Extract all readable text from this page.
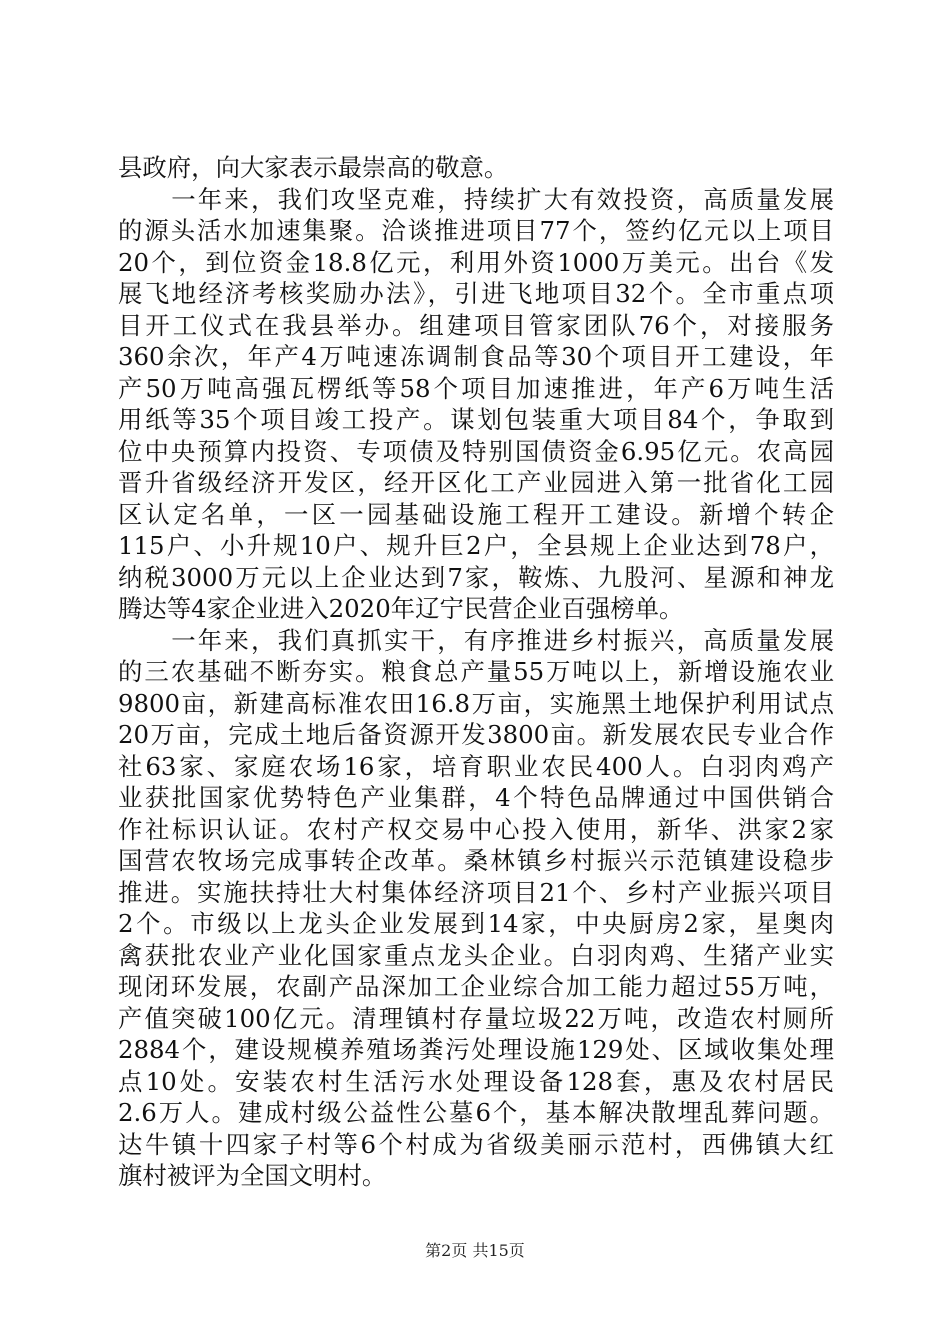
县政府，向大家表示最崇高的敬意。
　　一年来，我们攻坚克难，持续扩大有效投资，高质量发展
的源头活水加速集聚。洽谈推进项目77个，签约亿元以上项目
20个，到位资金18.8亿元，利用外资1000万美元。出台《发
展飞地经济考核奖励办法》，引进飞地项目32个。全市重点项
目开工仪式在我县举办。组建项目管家团队76个，对接服务
360余次，年产4万吨速冻调制食品等30个项目开工建设，年
产50万吨高强瓦楞纸等58个项目加速推进，年产6万吨生活
用纸等35个项目竣工投产。谋划包装重大项目84个，争取到
位中央预算内投资、专项债及特别国债资金6.95亿元。农高园
晋升省级经济开发区，经开区化工产业园进入第一批省化工园
区认定名单，一区一园基础设施工程开工建设。新增个转企
115户、小升规10户、规升巨2户，全县规上企业达到78户，
纳税3000万元以上企业达到7家，鞍炼、九股河、星源和神龙
腾达等4家企业进入2020年辽宁民营企业百强榜单。
　　一年来，我们真抓实干，有序推进乡村振兴，高质量发展
的三农基础不断夯实。粮食总产量55万吨以上，新增设施农业
9800亩，新建高标准农田16.8万亩，实施黑土地保护利用试点
20万亩，完成土地后备资源开发3800亩。新发展农民专业合作
社63家、家庭农场16家，培育职业农民400人。白羽肉鸡产
业获批国家优势特色产业集群，4个特色品牌通过中国供销合
作社标识认证。农村产权交易中心投入使用，新华、洪家2家
国营农牧场完成事转企改革。桑林镇乡村振兴示范镇建设稳步
推进。实施扶持壮大村集体经济项目21个、乡村产业振兴项目
2个。市级以上龙头企业发展到14家，中央厨房2家，星奥肉
禽获批农业产业化国家重点龙头企业。白羽肉鸡、生猪产业实
现闭环发展，农副产品深加工企业综合加工能力超过55万吨，
产值突破100亿元。清理镇村存量垃圾22万吨，改造农村厕所
2884个，建设规模养殖场粪污处理设施129处、区域收集处理
点10处。安装农村生活污水处理设备128套，惠及农村居民
2.6万人。建成村级公益性公墓6个，基本解决散埋乱葬问题。
达牛镇十四家子村等6个村成为省级美丽示范村，西佛镇大红
旗村被评为全国文明村。
第2页 共15页
